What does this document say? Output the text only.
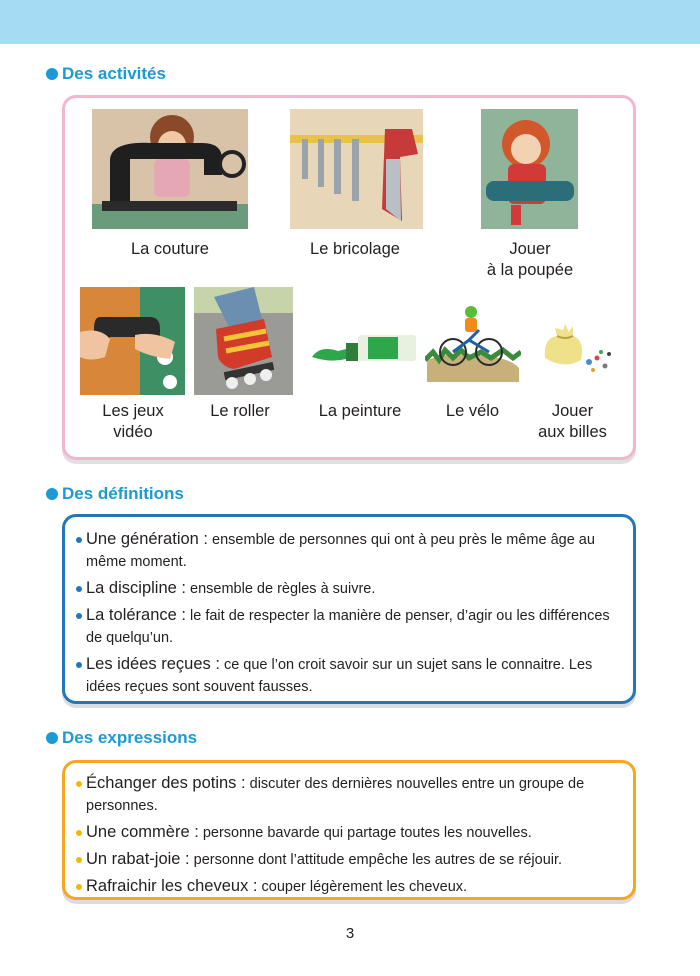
Des activités
La couture	Le bricolage	Jouer
à la poupée
Les jeux
vidéo
Le roller	La peinture	Le vélo	Jouer
aux billes
Des définitions
Une génération : ensemble de personnes qui ont à peu près le même âge au même moment.
La discipline : ensemble de règles à suivre.
La tolérance : le fait de respecter la manière de penser, d’agir ou les différences de quelqu’un.
Les idées reçues : ce que l’on croit savoir sur un sujet sans le connaitre. Les idées reçues sont souvent fausses.
Des expressions
Échanger des potins : discuter des dernières nouvelles entre un groupe de personnes.
Une commère : personne bavarde qui partage toutes les nouvelles.
Un rabat-joie : personne dont l’attitude empêche les autres de se réjouir.
Rafraichir les cheveux : couper légèrement les cheveux.
3
